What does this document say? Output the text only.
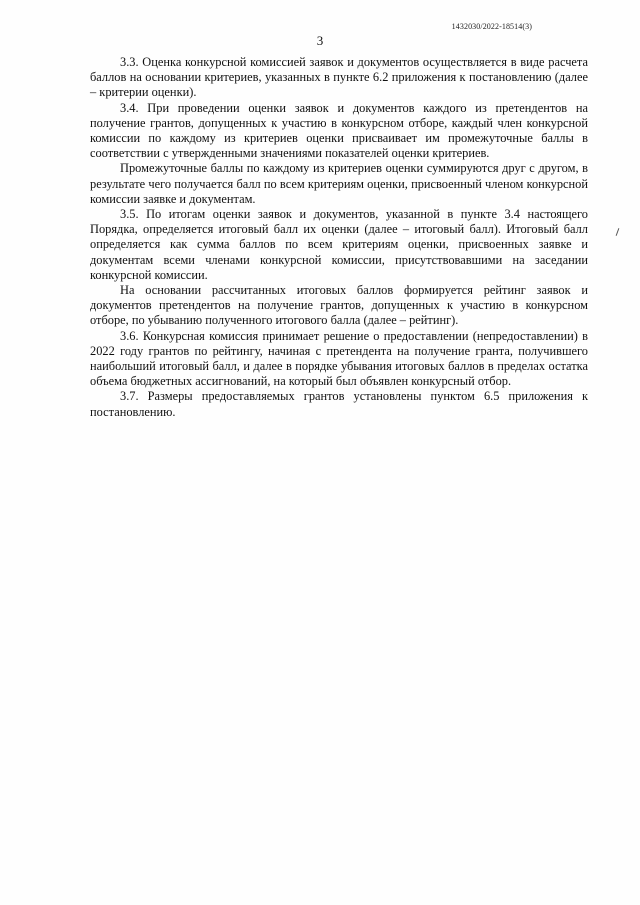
1432030/2022-18514(3)
3

3.3. Оценка конкурсной комиссией заявок и документов осуществляется в виде расчета баллов на основании критериев, указанных в пункте 6.2 приложения к постановлению (далее – критерии оценки).

3.4. При проведении оценки заявок и документов каждого из претендентов на получение грантов, допущенных к участию в конкурсном отборе, каждый член конкурсной комиссии по каждому из критериев оценки присваивает им промежуточные баллы в соответствии с утвержденными значениями показателей оценки критериев.

Промежуточные баллы по каждому из критериев оценки суммируются друг с другом, в результате чего получается балл по всем критериям оценки, присвоенный членом конкурсной комиссии заявке и документам.

3.5. По итогам оценки заявок и документов, указанной в пункте 3.4 настоящего Порядка, определяется итоговый балл их оценки (далее – итоговый балл). Итоговый балл определяется как сумма баллов по всем критериям оценки, присвоенных заявке и документам всеми членами конкурсной комиссии, присутствовавшими на заседании конкурсной комиссии.

На основании рассчитанных итоговых баллов формируется рейтинг заявок и документов претендентов на получение грантов, допущенных к участию в конкурсном отборе, по убыванию полученного итогового балла (далее – рейтинг).

3.6. Конкурсная комиссия принимает решение о предоставлении (непредоставлении) в 2022 году грантов по рейтингу, начиная с претендента на получение гранта, получившего наибольший итоговый балл, и далее в порядке убывания итоговых баллов в пределах остатка объема бюджетных ассигнований, на который был объявлен конкурсный отбор.

3.7. Размеры предоставляемых грантов установлены пунктом 6.5 приложения к постановлению.
